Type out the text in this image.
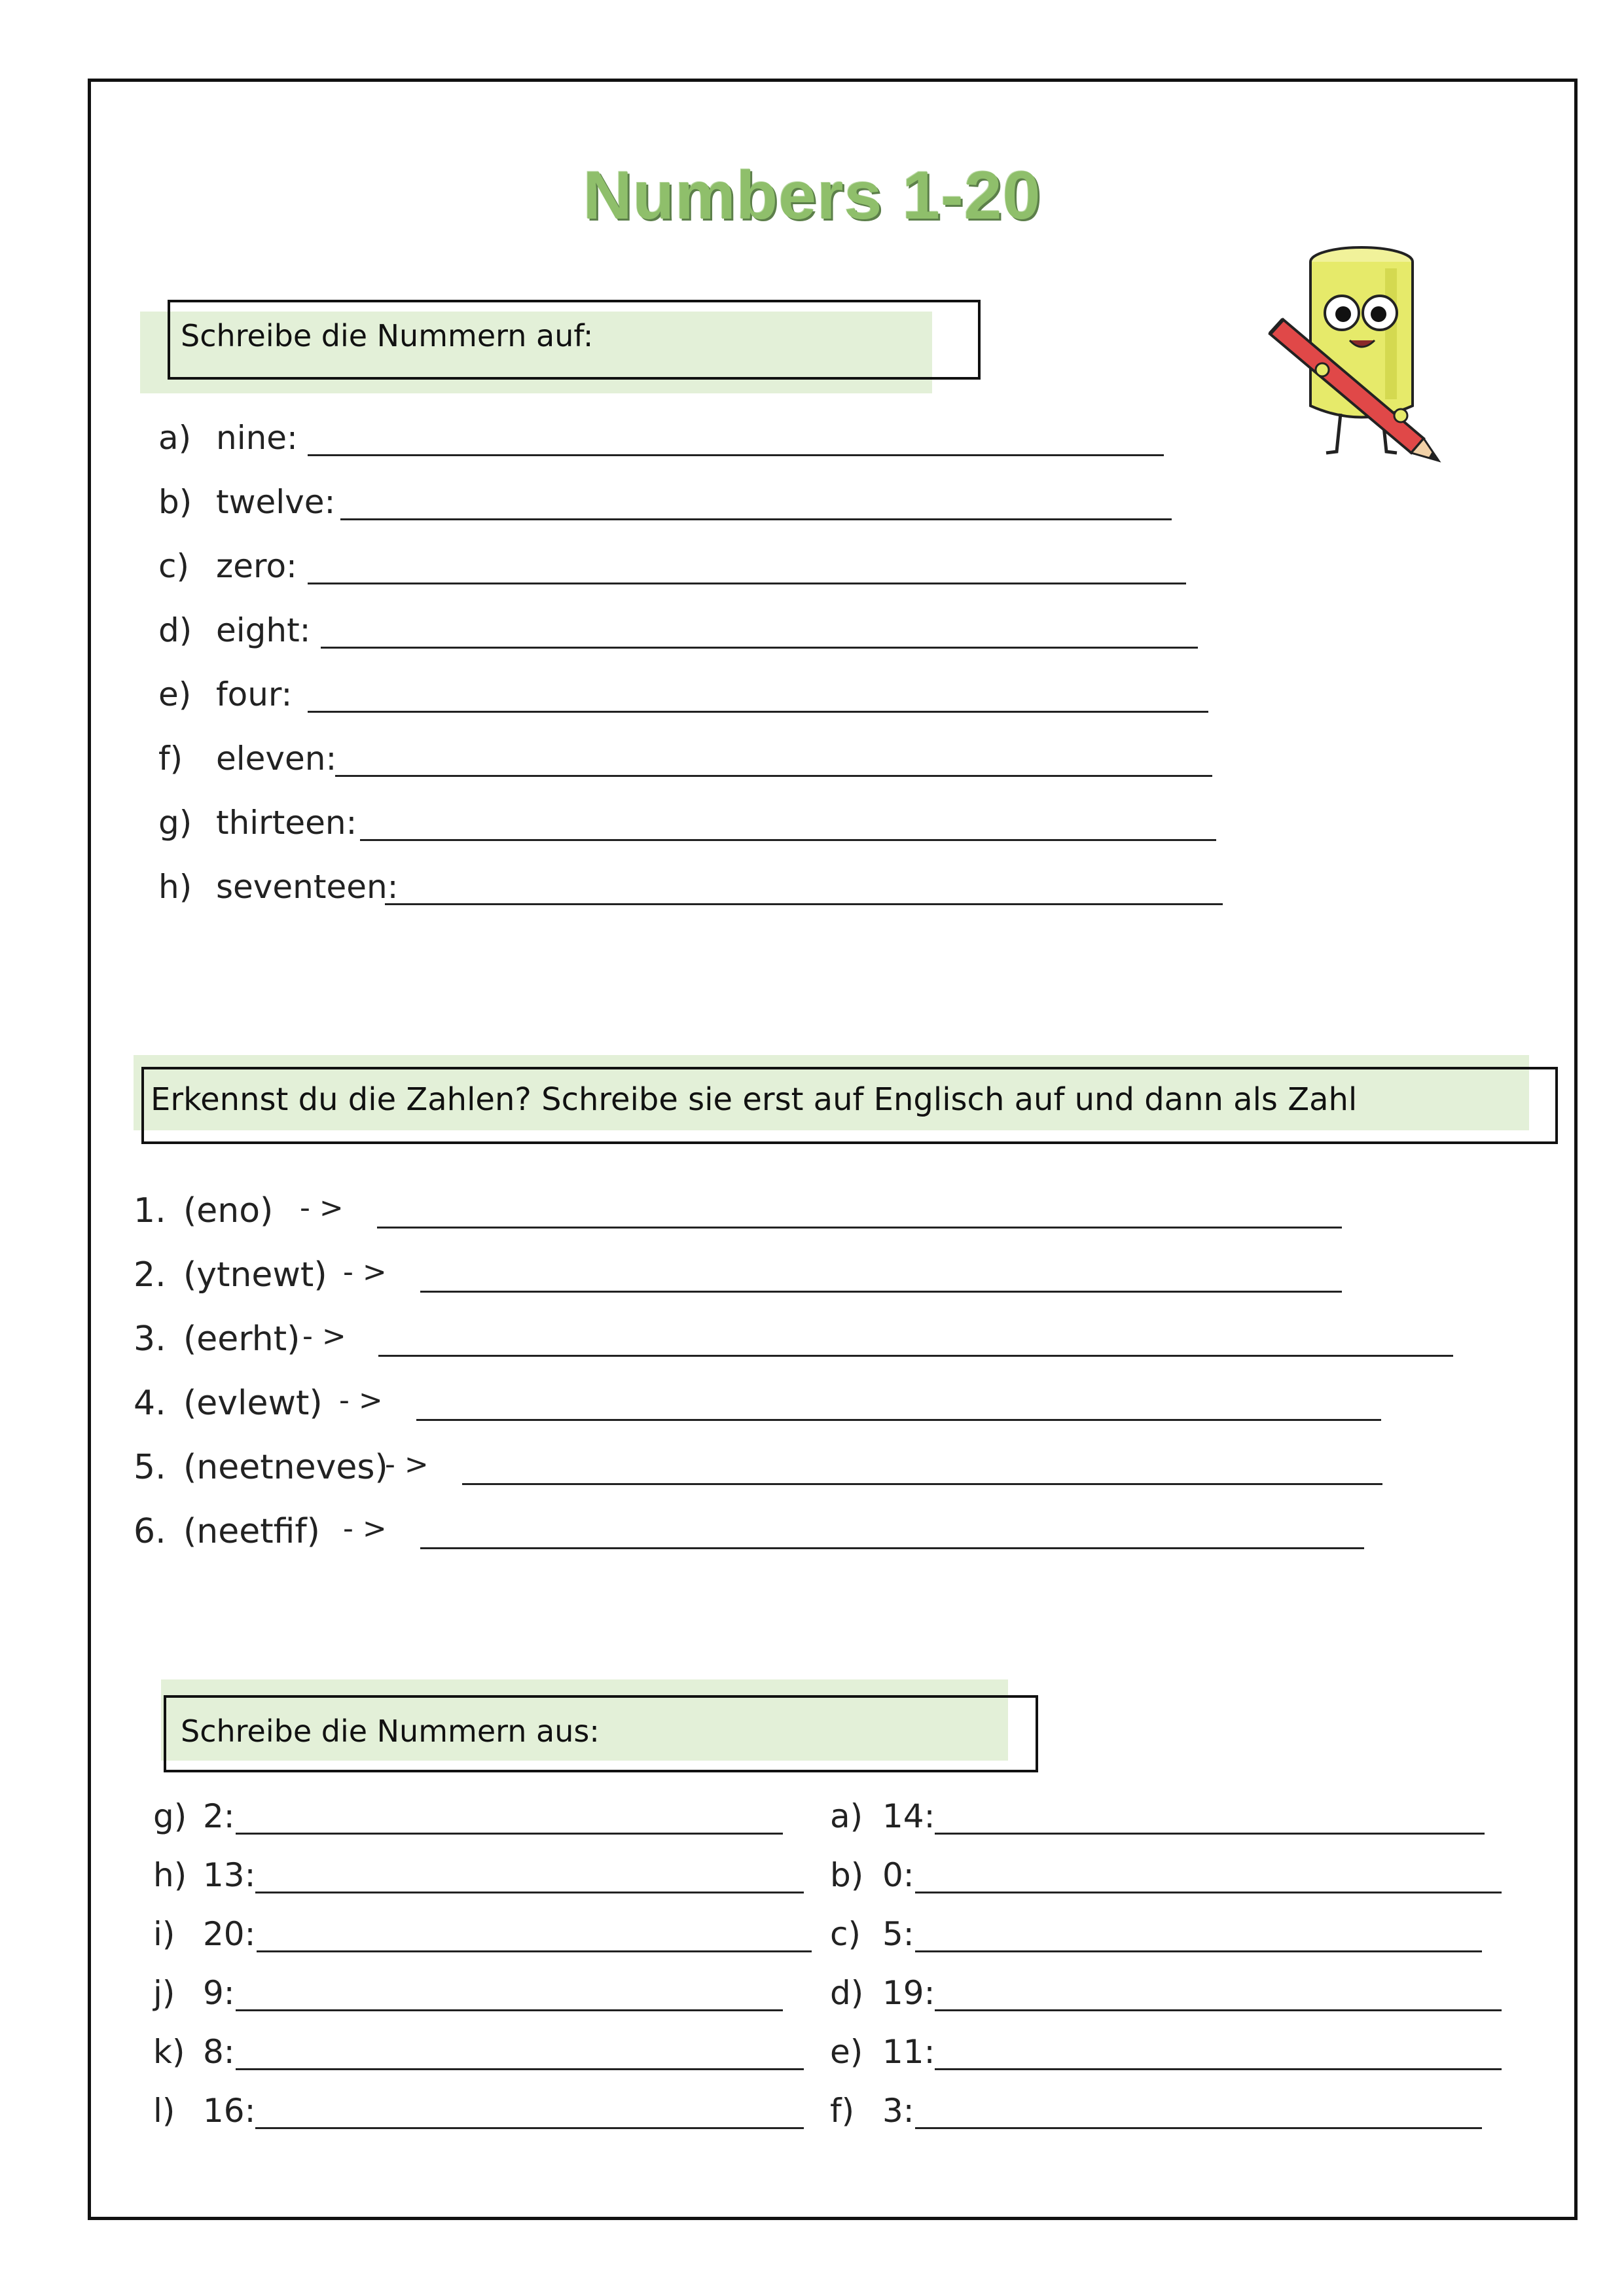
Numbers 1-20
Schreibe die Nummern auf:
a) nine:
b) twelve:
c) zero:
d) eight:
e) four:
f) eleven:
g) thirteen:
h) seventeen:
Erkennst du die Zahlen? Schreibe sie erst auf Englisch auf und dann als Zahl
1. (eno) - >
2. (ytnewt) - >
3. (eerht) - >
4. (evlewt) - >
5. (neetneves)
- >
6. (neetfif) - >
Schreibe die Nummern aus:
g) 2:
h) 13:
i) 20:
j) 9:
k) 8:
l) 16:
a) 14:
b) 0:
c) 5:
d) 19:
e) 11:
f) 3:
